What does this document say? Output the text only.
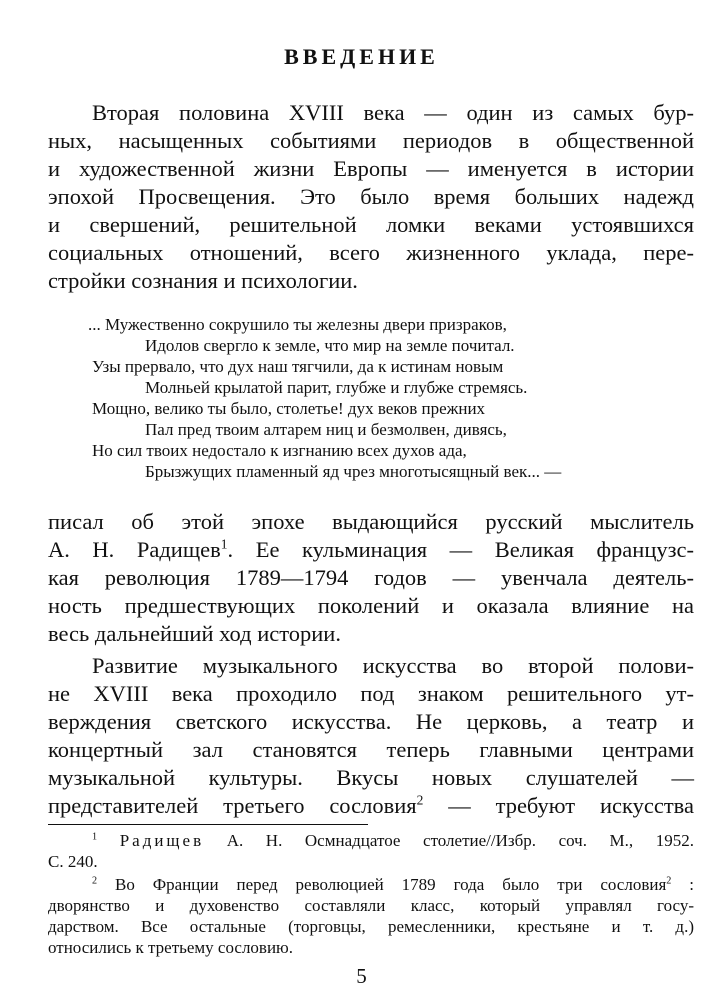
ВВЕДЕНИЕ
Вторая половина XVIII века — один из самых бур-
ных, насыщенных событиями периодов в общественной
и художественной жизни Европы — именуется в истории
эпохой Просвещения. Это было время больших надежд
и свершений, решительной ломки веками устоявшихся
социальных отношений, всего жизненного уклада, пере-
стройки сознания и психологии.
... Мужественно сокрушило ты железны двери призраков,
Идолов свергло к земле, что мир на земле почитал.
Узы прервало, что дух наш тягчили, да к истинам новым
Молньей крылатой парит, глубже и глубже стремясь.
Мощно, велико ты было, столетье! дух веков прежних
Пал пред твоим алтарем ниц и безмолвен, дивясь,
Но сил твоих недостало к изгнанию всех духов ада,
Брызжущих пламенный яд чрез многотысящный век... —
писал об этой эпохе выдающийся русский мыслитель
А. Н. Радищев$^1$. Ее кульминация — Великая французс-
кая революция 1789—1794 годов — увенчала деятель-
ность предшествующих поколений и оказала влияние на
весь дальнейший ход истории.
Развитие музыкального искусства во второй полови-
не XVIII века проходило под знаком решительного ут-
верждения светского искусства. Не церковь, а театр и
концертный зал становятся теперь главными центрами
музыкальной культуры. Вкусы новых слушателей —
представителей третьего сословия$^2$ — требуют искусства
$^1$ Радищев А. Н. Осмнадцатое столетие//Избр. соч. М., 1952.
С. 240.
$^2$ Во Франции перед революцией 1789 года было три сословия$^2$ :
дворянство и духовенство составляли класс, который управлял госу-
дарством. Все остальные (торговцы, ремесленники, крестьяне и т. д.)
относились к третьему сословию.
5
